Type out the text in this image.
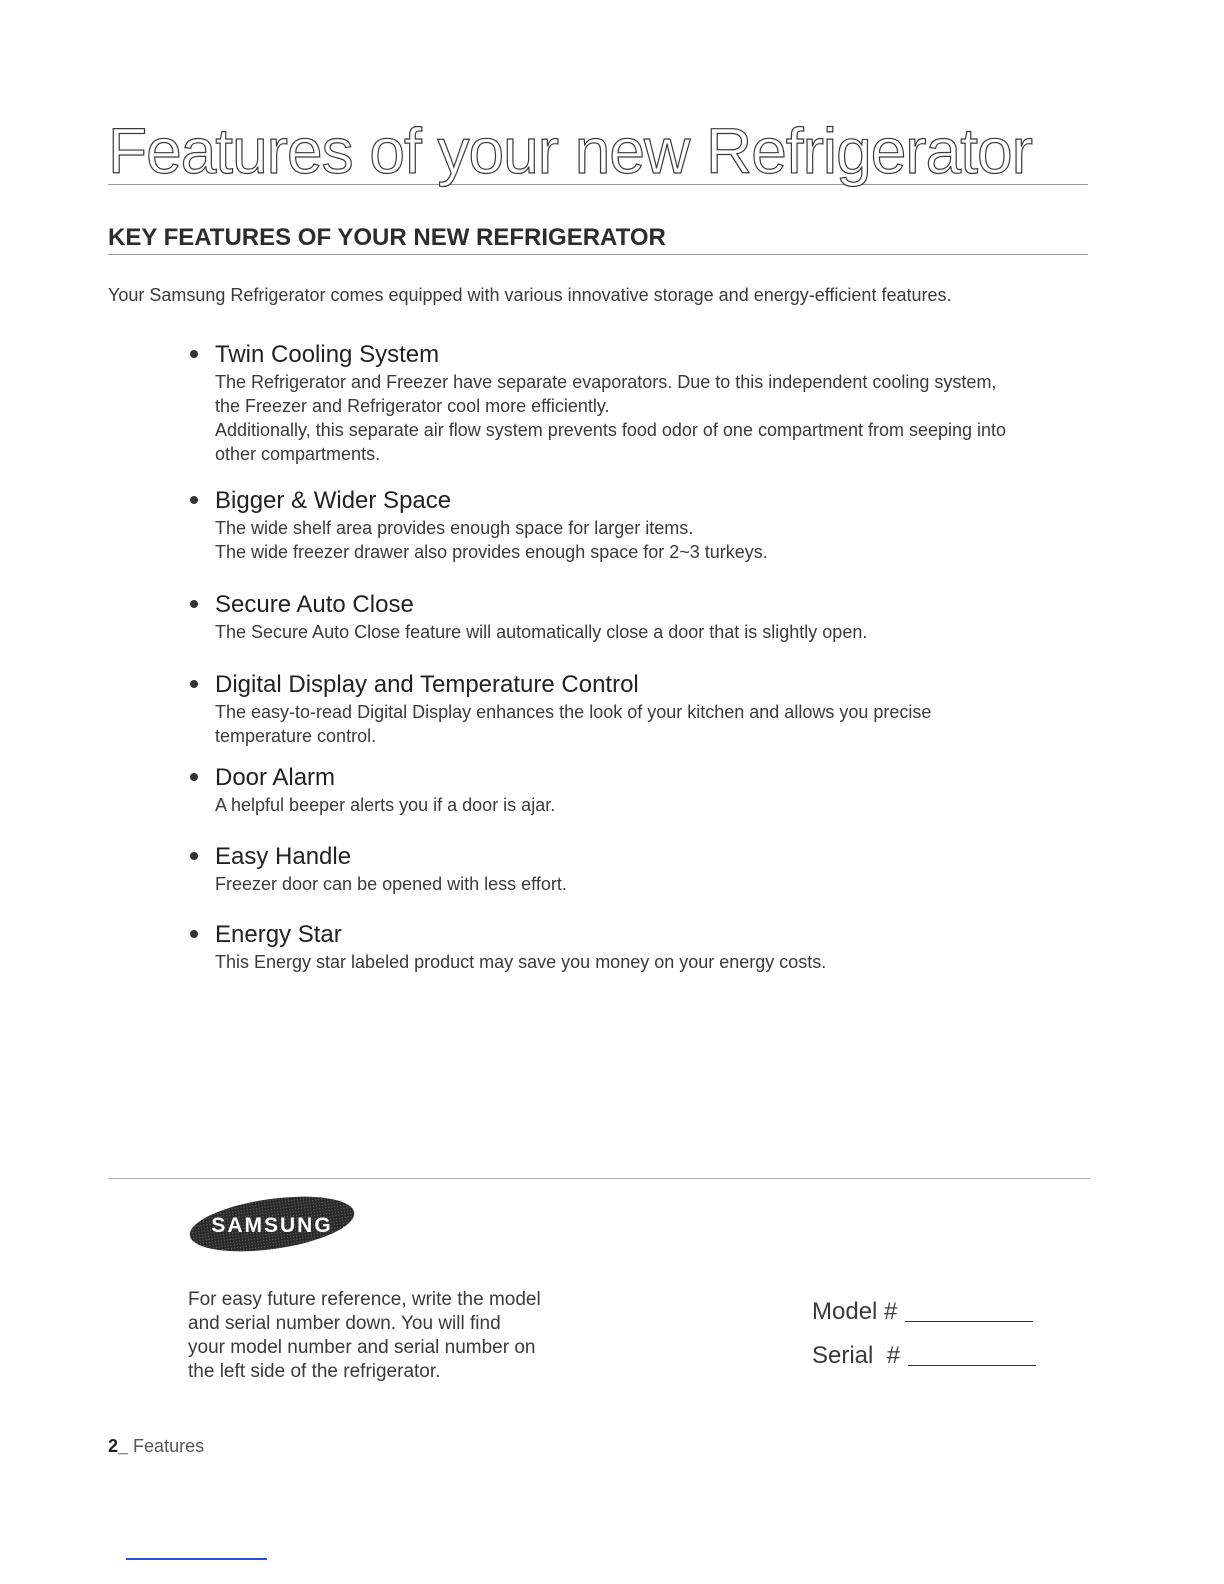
Features of your new Refrigerator
KEY FEATURES OF YOUR NEW REFRIGERATOR
Your Samsung Refrigerator comes equipped with various innovative storage and energy-efficient features.
Twin Cooling System
The Refrigerator and Freezer have separate evaporators. Due to this independent cooling system,
the Freezer and Refrigerator cool more efficiently.
Additionally, this separate air flow system prevents food odor of one compartment from seeping into
other compartments.
Bigger & Wider Space
The wide shelf area provides enough space for larger items.
The wide freezer drawer also provides enough space for 2~3 turkeys.
Secure Auto Close
The Secure Auto Close feature will automatically close a door that is slightly open.
Digital Display and Temperature Control
The easy-to-read Digital Display enhances the look of your kitchen and allows you precise
temperature control.
Door Alarm
A helpful beeper alerts you if a door is ajar.
Easy Handle
Freezer door can be opened with less effort.
Energy Star
This Energy star labeled product may save you money on your energy costs.
SAMSUNG
For easy future reference, write the model
and serial number down. You will find
your model number and serial number on
the left side of the refrigerator.
Model #
Serial  #
2_ Features
